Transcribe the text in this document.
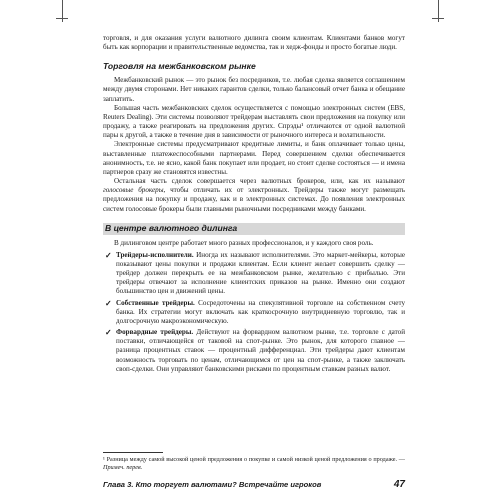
торговля, и для оказания услуги валютного дилинга своим клиентам. Клиентами банков могут быть как корпорации и правительственные ведомства, так и хедж-фонды и просто богатые люди.

Торговля на межбанковском рынке

Межбанковский рынок — это рынок без посредников, т.е. любая сделка является соглашением между двумя сторонами. Нет никаких гарантов сделки, только балансовый отчет банка и обещание заплатить.

Большая часть межбанковских сделок осуществляется с помощью электронных систем (EBS, Reuters Dealing). Эти системы позволяют трейдерам выставлять свои предложения на покупку или продажу, а также реагировать на предложения других. Спрэды¹ отличаются от одной валютной пары к другой, а также в течение дня в зависимости от рыночного интереса и волатильности.

Электронные системы предусматривают кредитные лимиты, и банк оплачивает только цены, выставленные платежеспособными партнерами. Перед совершением сделки обеспечивается анонимность, т.е. не ясно, какой банк покупает или продает, но стоит сделке состояться — и имена партнеров сразу же становятся известны.

Остальная часть сделок совершается через валютных брокеров, или, как их называют голосовые брокеры, чтобы отличать их от электронных. Трейдеры также могут размещать предложения на покупку и продажу, как и в электронных системах. До появления электронных систем голосовые брокеры были главными рыночными посредниками между банками.

В центре валютного дилинга

В дилинговом центре работает много разных профессионалов, и у каждого своя роль.

✓ Трейдеры-исполнители. Иногда их называют исполнителями. Это маркет-мейкеры, которые показывают цены покупки и продажи клиентам. Если клиент желает совершить сделку — трейдер должен перекрыть ее на межбанковском рынке, желательно с прибылью. Эти трейдеры отвечают за исполнение клиентских приказов на рынке. Именно они создают большинство цен и движений цены.
✓ Собственные трейдеры. Сосредоточены на спекулятивной торговле на собственном счету банка. Их стратегии могут включать как краткосрочную внутридневную торговлю, так и долгосрочную макроэкономическую.
✓ Форвардные трейдеры. Действуют на форвардном валютном рынке, т.е. торговле с датой поставки, отличающейся от таковой на спот-рынке. Это рынок, для которого главное — разница процентных ставок — процентный дифференциал. Эти трейдеры дают клиентам возможность торговать по ценам, отличающимся от цен на спот-рынке, а также заключать своп-сделки. Они управляют банковскими рисками по процентным ставкам разных валют.
¹ Разница между самой высокой ценой предложения о покупке и самой низкой ценой предложения о продаже. — Примеч. перев.
Глава 3. Кто торгует валютами? Встречайте игроков	47
